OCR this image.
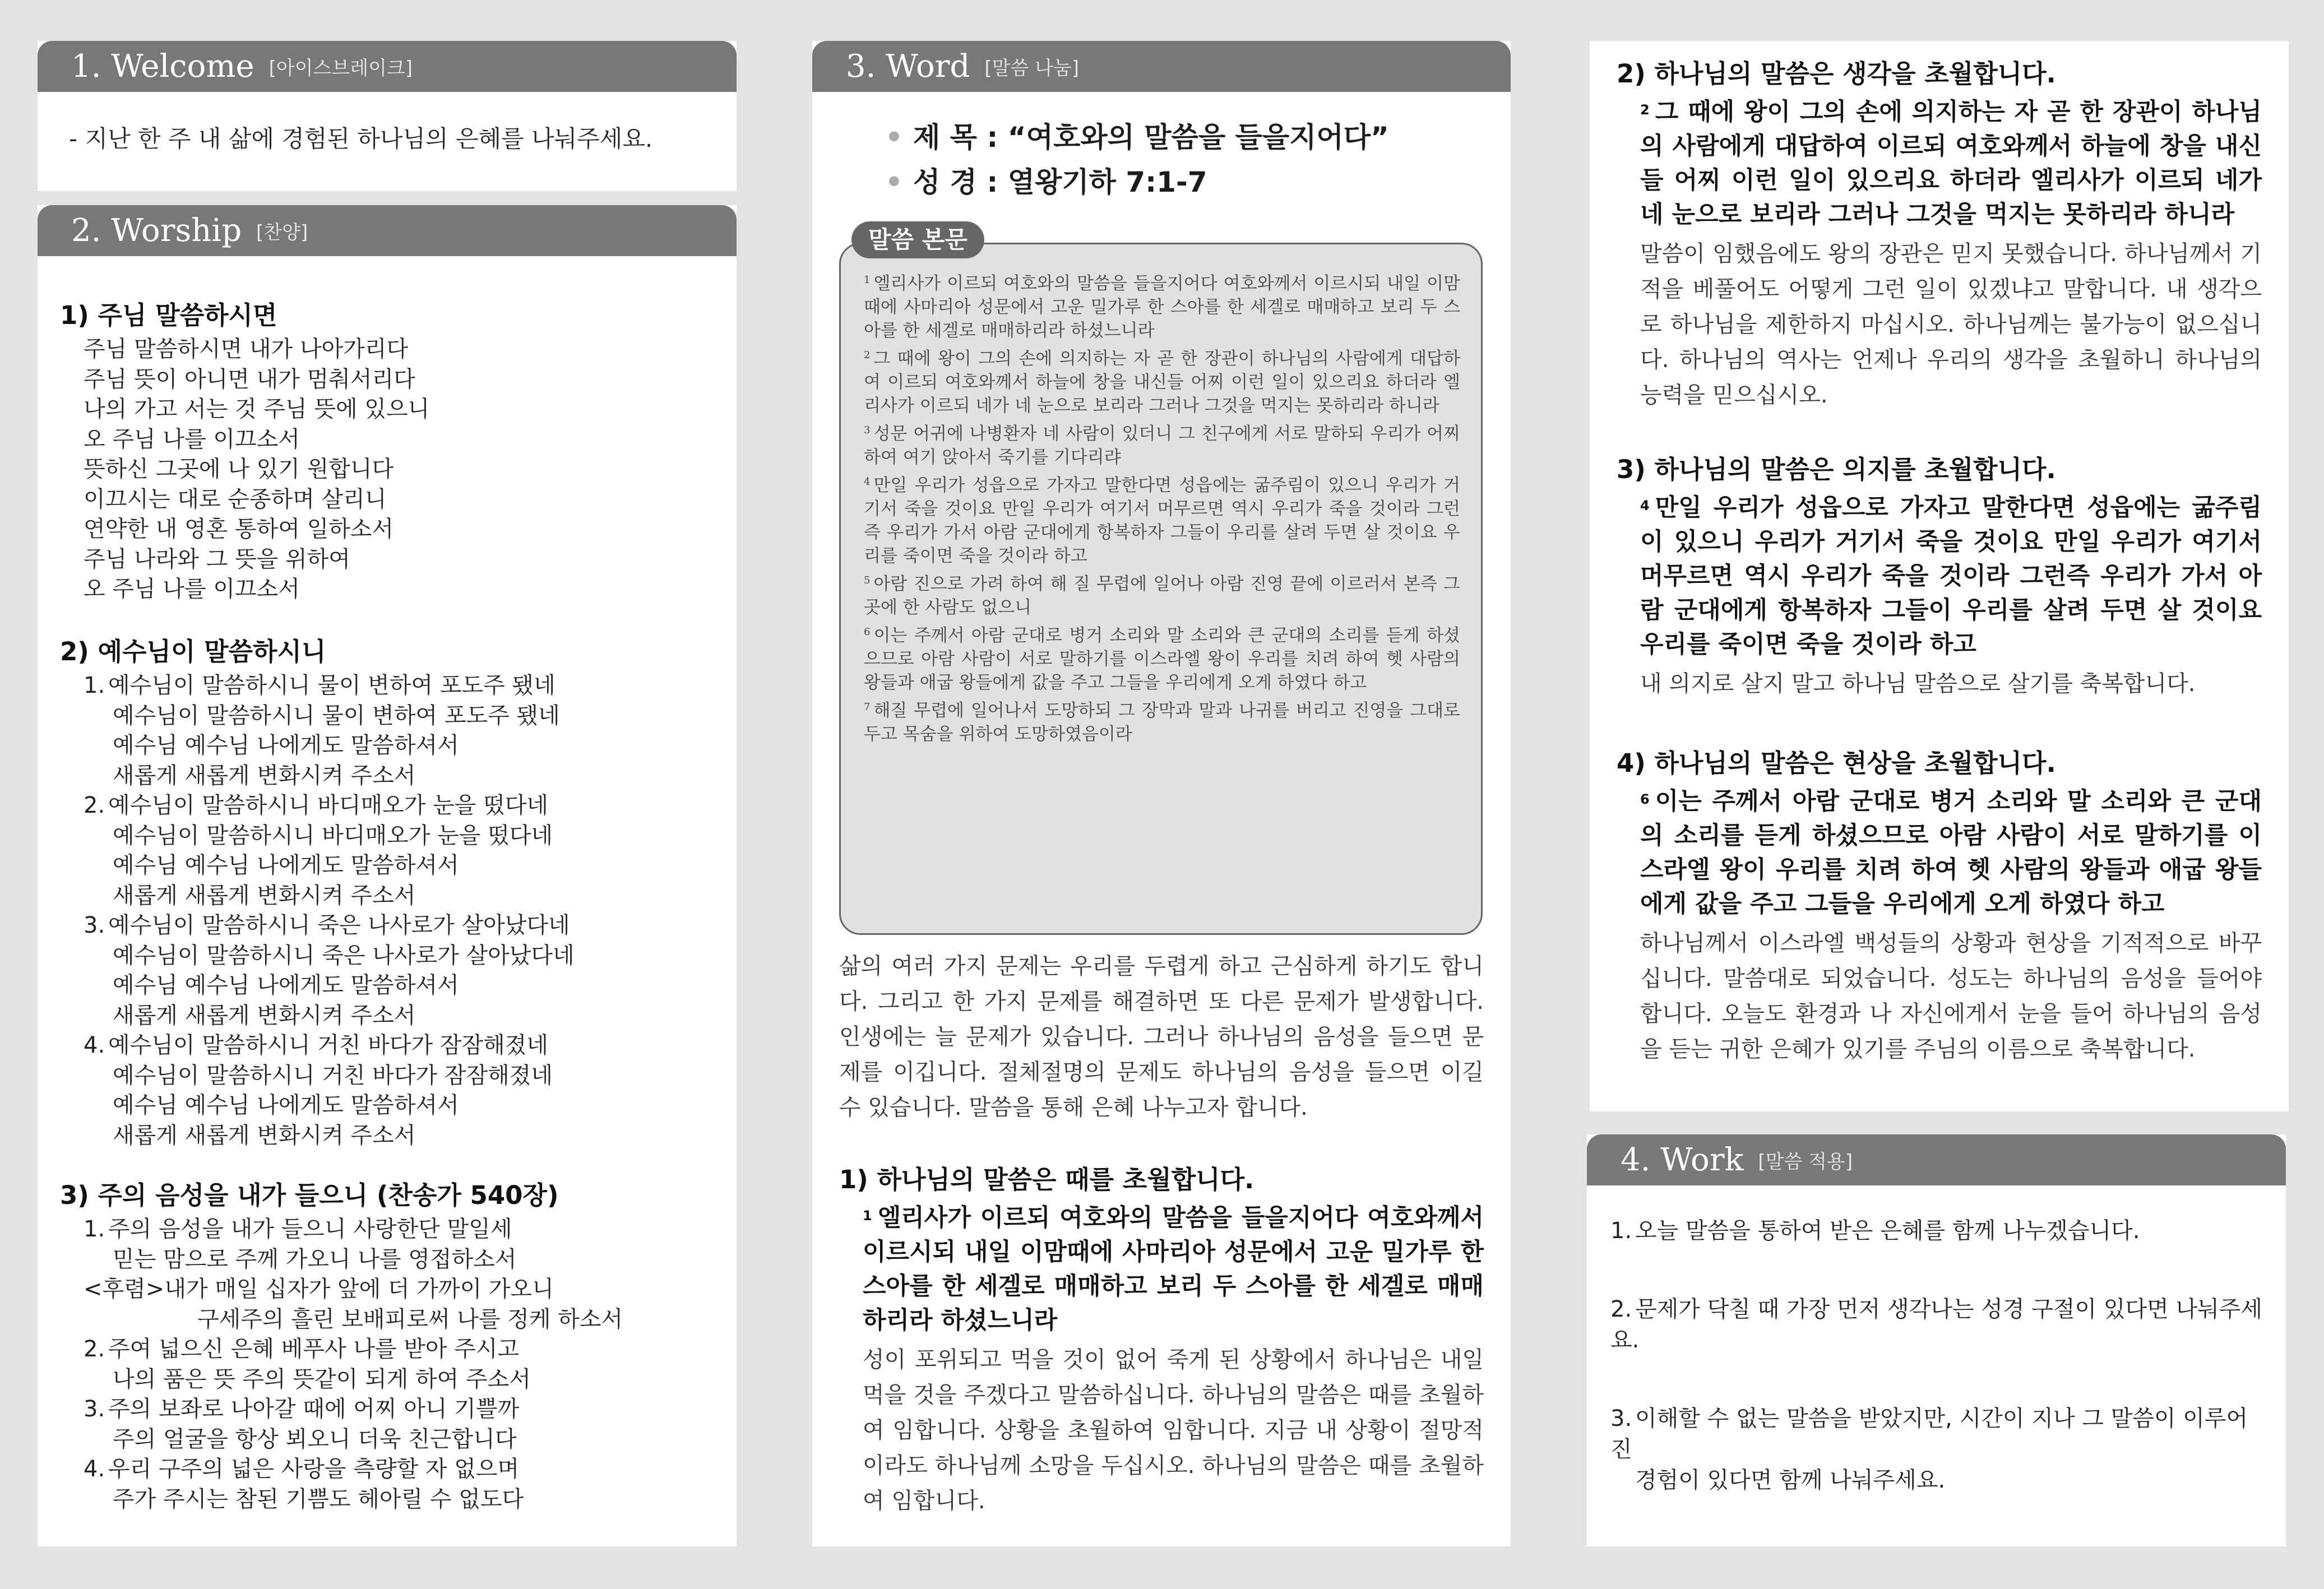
1. Welcome [아이스브레이크]
- 지난 한 주 내 삶에 경험된 하나님의 은혜를 나눠주세요.
2. Worship [찬양]
1) 주님 말씀하시면
주님 말씀하시면 내가 나아가리다
주님 뜻이 아니면 내가 멈춰서리다
나의 가고 서는 것 주님 뜻에 있으니
오 주님 나를 이끄소서
뜻하신 그곳에 나 있기 원합니다
이끄시는 대로 순종하며 살리니
연약한 내 영혼 통하여 일하소서
주님 나라와 그 뜻을 위하여
오 주님 나를 이끄소서
2) 예수님이 말씀하시니
1. 예수님이 말씀하시니 물이 변하여 포도주 됐네
예수님이 말씀하시니 물이 변하여 포도주 됐네
예수님 예수님 나에게도 말씀하셔서
새롭게 새롭게 변화시켜 주소서
2. 예수님이 말씀하시니 바디매오가 눈을 떴다네
예수님이 말씀하시니 바디매오가 눈을 떴다네
예수님 예수님 나에게도 말씀하셔서
새롭게 새롭게 변화시켜 주소서
3. 예수님이 말씀하시니 죽은 나사로가 살아났다네
예수님이 말씀하시니 죽은 나사로가 살아났다네
예수님 예수님 나에게도 말씀하셔서
새롭게 새롭게 변화시켜 주소서
4. 예수님이 말씀하시니 거친 바다가 잠잠해졌네
예수님이 말씀하시니 거친 바다가 잠잠해졌네
예수님 예수님 나에게도 말씀하셔서
새롭게 새롭게 변화시켜 주소서
3) 주의 음성을 내가 들으니 (찬송가 540장)
1. 주의 음성을 내가 들으니 사랑한단 말일세
믿는 맘으로 주께 가오니 나를 영접하소서
<후렴>내가 매일 십자가 앞에 더 가까이 가오니
구세주의 흘린 보배피로써 나를 정케 하소서
2. 주여 넓으신 은혜 베푸사 나를 받아 주시고
나의 품은 뜻 주의 뜻같이 되게 하여 주소서
3. 주의 보좌로 나아갈 때에 어찌 아니 기쁠까
주의 얼굴을 항상 뵈오니 더욱 친근합니다
4. 우리 구주의 넓은 사랑을 측량할 자 없으며
주가 주시는 참된 기쁨도 헤아릴 수 없도다
3. Word [말씀 나눔]
• 제 목 : “여호와의 말씀을 들을지어다”
• 성 경 : 열왕기하 7:1-7
말씀 본문
$^1$ 엘리사가 이르되 여호와의 말씀을 들을지어다 여호와께서 이르시되 내일 이맘때에 사마리아 성문에서 고운 밀가루 한 스아를 한 세겔로 매매하고 보리 두 스아를 한 세겔로 매매하리라 하셨느니라
$^2$ 그 때에 왕이 그의 손에 의지하는 자 곧 한 장관이 하나님의 사람에게 대답하여 이르되 여호와께서 하늘에 창을 내신들 어찌 이런 일이 있으리요 하더라 엘리사가 이르되 네가 네 눈으로 보리라 그러나 그것을 먹지는 못하리라 하니라
$^3$ 성문 어귀에 나병환자 네 사람이 있더니 그 친구에게 서로 말하되 우리가 어찌하여 여기 앉아서 죽기를 기다리랴
$^4$ 만일 우리가 성읍으로 가자고 말한다면 성읍에는 굶주림이 있으니 우리가 거기서 죽을 것이요 만일 우리가 여기서 머무르면 역시 우리가 죽을 것이라 그런즉 우리가 가서 아람 군대에게 항복하자 그들이 우리를 살려 두면 살 것이요 우리를 죽이면 죽을 것이라 하고
$^5$ 아람 진으로 가려 하여 해 질 무렵에 일어나 아람 진영 끝에 이르러서 본즉 그 곳에 한 사람도 없으니
$^6$ 이는 주께서 아람 군대로 병거 소리와 말 소리와 큰 군대의 소리를 듣게 하셨으므로 아람 사람이 서로 말하기를 이스라엘 왕이 우리를 치려 하여 헷 사람의 왕들과 애굽 왕들에게 값을 주고 그들을 우리에게 오게 하였다 하고
$^7$ 해질 무렵에 일어나서 도망하되 그 장막과 말과 나귀를 버리고 진영을 그대로 두고 목숨을 위하여 도망하였음이라
삶의 여러 가지 문제는 우리를 두렵게 하고 근심하게 하기도 합니다. 그리고 한 가지 문제를 해결하면 또 다른 문제가 발생합니다. 인생에는 늘 문제가 있습니다. 그러나 하나님의 음성을 들으면 문제를 이깁니다. 절체절명의 문제도 하나님의 음성을 들으면 이길 수 있습니다. 말씀을 통해 은혜 나누고자 합니다.
1) 하나님의 말씀은 때를 초월합니다.
$^1$ 엘리사가 이르되 여호와의 말씀을 들을지어다 여호와께서 이르시되 내일 이맘때에 사마리아 성문에서 고운 밀가루 한 스아를 한 세겔로 매매하고 보리 두 스아를 한 세겔로 매매하리라 하셨느니라
성이 포위되고 먹을 것이 없어 죽게 된 상황에서 하나님은 내일 먹을 것을 주겠다고 말씀하십니다. 하나님의 말씀은 때를 초월하여 임합니다. 상황을 초월하여 임합니다. 지금 내 상황이 절망적이라도 하나님께 소망을 두십시오. 하나님의 말씀은 때를 초월하여 임합니다.
2) 하나님의 말씀은 생각을 초월합니다.
$^2$ 그 때에 왕이 그의 손에 의지하는 자 곧 한 장관이 하나님의 사람에게 대답하여 이르되 여호와께서 하늘에 창을 내신들 어찌 이런 일이 있으리요 하더라 엘리사가 이르되 네가 네 눈으로 보리라 그러나 그것을 먹지는 못하리라 하니라
말씀이 임했음에도 왕의 장관은 믿지 못했습니다. 하나님께서 기적을 베풀어도 어떻게 그런 일이 있겠냐고 말합니다. 내 생각으로 하나님을 제한하지 마십시오. 하나님께는 불가능이 없으십니다. 하나님의 역사는 언제나 우리의 생각을 초월하니 하나님의 능력을 믿으십시오.
3) 하나님의 말씀은 의지를 초월합니다.
$^4$ 만일 우리가 성읍으로 가자고 말한다면 성읍에는 굶주림이 있으니 우리가 거기서 죽을 것이요 만일 우리가 여기서 머무르면 역시 우리가 죽을 것이라 그런즉 우리가 가서 아람 군대에게 항복하자 그들이 우리를 살려 두면 살 것이요 우리를 죽이면 죽을 것이라 하고
내 의지로 살지 말고 하나님 말씀으로 살기를 축복합니다.
4) 하나님의 말씀은 현상을 초월합니다.
$^6$ 이는 주께서 아람 군대로 병거 소리와 말 소리와 큰 군대의 소리를 듣게 하셨으므로 아람 사람이 서로 말하기를 이스라엘 왕이 우리를 치려 하여 헷 사람의 왕들과 애굽 왕들에게 값을 주고 그들을 우리에게 오게 하였다 하고
하나님께서 이스라엘 백성들의 상황과 현상을 기적적으로 바꾸십니다. 말씀대로 되었습니다. 성도는 하나님의 음성을 들어야 합니다. 오늘도 환경과 나 자신에게서 눈을 들어 하나님의 음성을 듣는 귀한 은혜가 있기를 주님의 이름으로 축복합니다.
4. Work [말씀 적용]
1. 오늘 말씀을 통하여 받은 은혜를 함께 나누겠습니다.
2. 문제가 닥칠 때 가장 먼저 생각나는 성경 구절이 있다면 나눠주세요.
3. 이해할 수 없는 말씀을 받았지만, 시간이 지나 그 말씀이 이루어진
경험이 있다면 함께 나눠주세요.
